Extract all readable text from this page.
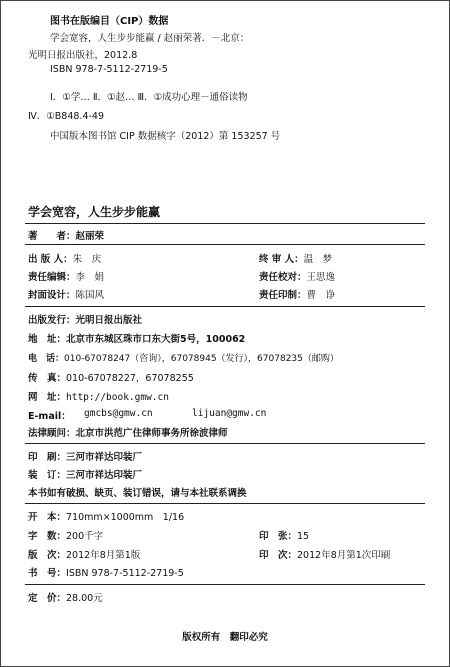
图书在版编目（CIP）数据
学会宽容，人生步步能赢 / 赵丽荣著．－北京：
光明日报出版社，2012.8
ISBN 978-7-5112-2719-5
Ⅰ．①学… Ⅱ．①赵… Ⅲ．①成功心理－通俗读物
Ⅳ．①B848.4-49
中国版本图书馆 CIP 数据核字（2012）第 153257 号
学会宽容，人生步步能赢
著　　者：赵丽荣
出 版 人：朱　庆	终 审 人：温　梦
责任编辑：李　娟	责任校对：王思逸
封面设计：陈国风	责任印制：曹　诤
出版发行：光明日报出版社
地　址：北京市东城区珠市口东大街5号，100062
电　话：010-67078247（咨询），67078945（发行），67078235（邮购）
传　真：010-67078227，67078255
网　址：http://book.gmw.cn
E-mail： gmcbs@gmw.cn	lijuan@gmw.cn
法律顾问：北京市洪范广住律师事务所徐波律师
印　刷：三河市祥达印装厂
装　订：三河市祥达印装厂
本书如有破损、缺页、装订错误，请与本社联系调换
开　本：710mm×1000mm　1/16
字　数：200千字	印　张：15
版　次：2012年8月第1版	印　次：2012年8月第1次印刷
书　号：ISBN 978-7-5112-2719-5
定　价：28.00元
版权所有　翻印必究
